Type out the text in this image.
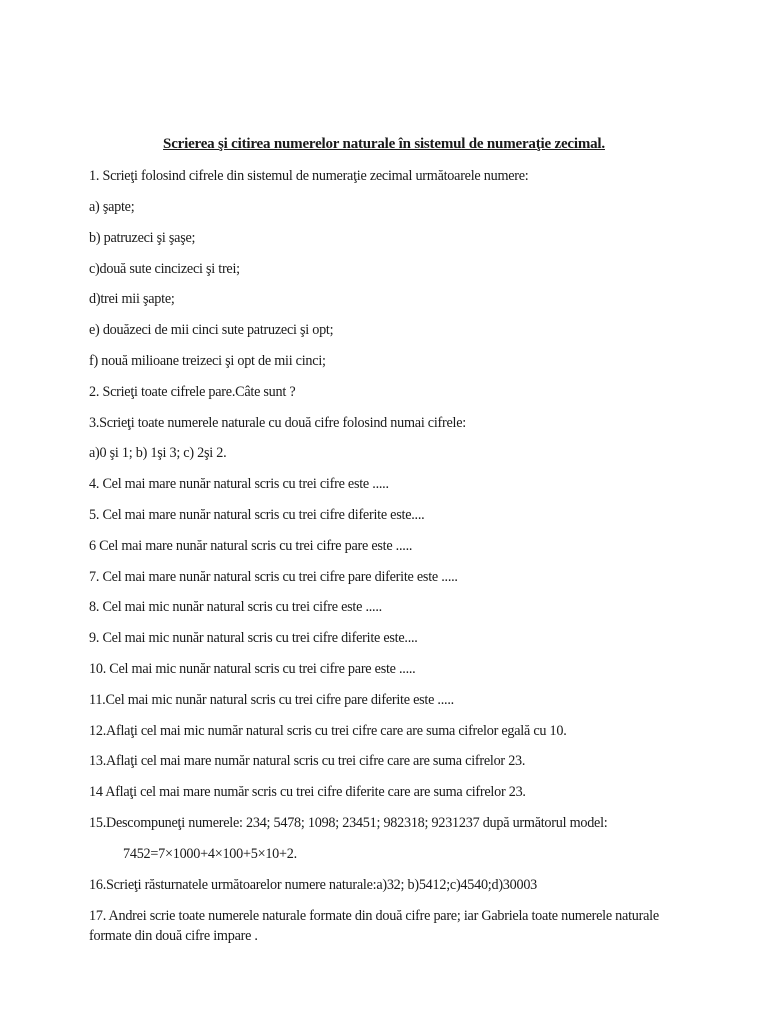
Scrierea şi citirea numerelor naturale în sistemul de numeraţie zecimal.
1. Scrieţi folosind cifrele din sistemul de numeraţie zecimal următoarele numere:
a) şapte;
b) patruzeci şi şaşe;
c)două sute cincizeci şi trei;
d)trei mii şapte;
e) douăzeci de mii cinci sute patruzeci şi opt;
f) nouă milioane treizeci şi opt de mii cinci;
2. Scrieţi toate cifrele pare.Câte sunt ?
3.Scrieţi toate numerele naturale cu două cifre folosind numai cifrele:
a)0 şi 1; b) 1şi 3; c) 2şi 2.
4. Cel mai mare nunăr natural scris cu trei cifre este .....
5. Cel mai mare nunăr natural scris cu trei cifre diferite este....
6 Cel mai mare nunăr natural scris cu trei cifre pare este .....
7. Cel mai mare nunăr natural scris cu trei cifre pare diferite este .....
8. Cel mai mic nunăr natural scris cu trei cifre este .....
9. Cel mai mic nunăr natural scris cu trei cifre diferite este....
10. Cel mai mic nunăr natural scris cu trei cifre pare este .....
11.Cel mai mic nunăr natural scris cu trei cifre pare diferite este .....
12.Aflaţi cel mai mic număr natural scris cu trei cifre care are suma cifrelor egală cu 10.
13.Aflaţi cel mai mare număr natural scris cu trei cifre care are suma cifrelor 23.
14 Aflaţi cel mai mare număr scris cu trei cifre diferite care are suma cifrelor 23.
15.Descompuneţi numerele: 234; 5478; 1098; 23451; 982318; 9231237 după următorul model:
7452=7×1000+4×100+5×10+2.
16.Scrieţi răsturnatele următoarelor numere naturale:a)32; b)5412;c)4540;d)30003
17. Andrei scrie toate numerele naturale formate din două cifre pare; iar Gabriela toate numerele naturale formate din două cifre impare .
